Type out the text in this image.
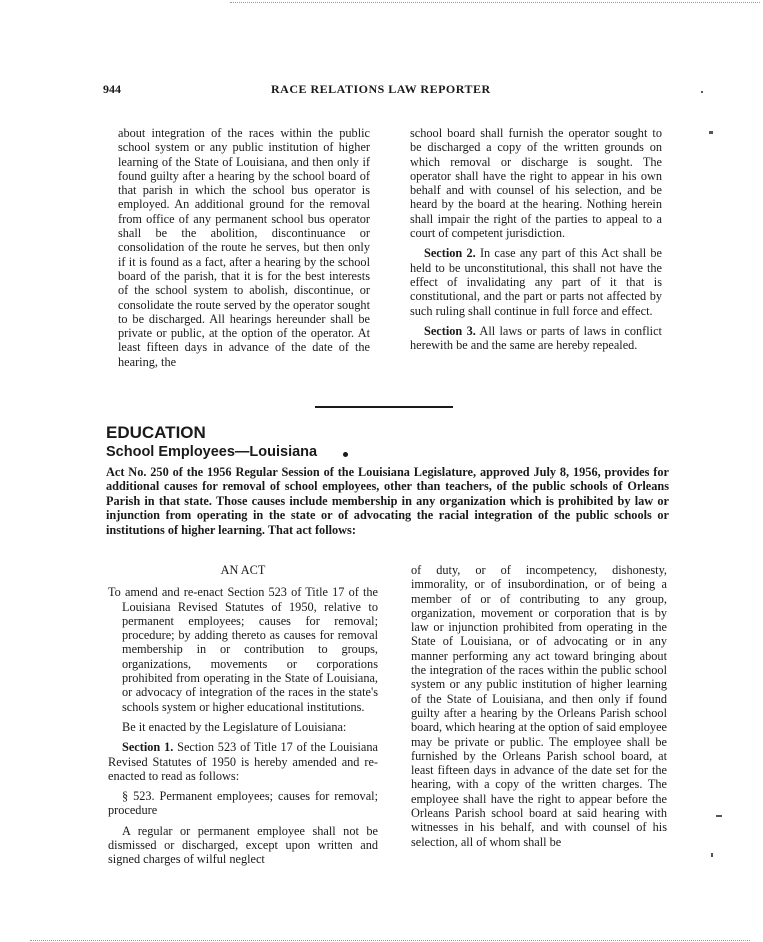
944	RACE RELATIONS LAW REPORTER

about integration of the races within the public school system or any public institution of higher learning of the State of Louisiana, and then only if found guilty after a hearing by the school board of that parish in which the school bus operator is employed. An additional ground for the removal from office of any permanent school bus operator shall be the abolition, discontinuance or consolidation of the route he serves, but then only if it is found as a fact, after a hearing by the school board of the parish, that it is for the best interests of the school system to abolish, discontinue, or consolidate the route served by the operator sought to be discharged. All hearings hereunder shall be private or public, at the option of the operator. At least fifteen days in advance of the date of the hearing, the

school board shall furnish the operator sought to be discharged a copy of the written grounds on which removal or discharge is sought. The operator shall have the right to appear in his own behalf and with counsel of his selection, and be heard by the board at the hearing. Nothing herein shall impair the right of the parties to appeal to a court of competent jurisdiction.

Section 2. In case any part of this Act shall be held to be unconstitutional, this shall not have the effect of invalidating any part of it that is constitutional, and the part or parts not affected by such ruling shall continue in full force and effect.

Section 3. All laws or parts of laws in conflict herewith be and the same are hereby repealed.

EDUCATION
School Employees—Louisiana
Act No. 250 of the 1956 Regular Session of the Louisiana Legislature, approved July 8, 1956, provides for additional causes for removal of school employees, other than teachers, of the public schools of Orleans Parish in that state. Those causes include membership in any organization which is prohibited by law or injunction from operating in the state or of advocating the racial integration of the public schools or institutions of higher learning. That act follows:

AN ACT

To amend and re-enact Section 523 of Title 17 of the Louisiana Revised Statutes of 1950, relative to permanent employees; causes for removal; procedure; by adding thereto as causes for removal membership in or contribution to groups, organizations, movements or corporations prohibited from operating in the State of Louisiana, or advocacy of integration of the races in the state's schools system or higher educational institutions.

Be it enacted by the Legislature of Louisiana:

Section 1. Section 523 of Title 17 of the Louisiana Revised Statutes of 1950 is hereby amended and re-enacted to read as follows:

§ 523. Permanent employees; causes for removal; procedure

A regular or permanent employee shall not be dismissed or discharged, except upon written and signed charges of wilful neglect

of duty, or of incompetency, dishonesty, immorality, or of insubordination, or of being a member of or of contributing to any group, organization, movement or corporation that is by law or injunction prohibited from operating in the State of Louisiana, or of advocating or in any manner performing any act toward bringing about the integration of the races within the public school system or any public institution of higher learning of the State of Louisiana, and then only if found guilty after a hearing by the Orleans Parish school board, which hearing at the option of said employee may be private or public. The employee shall be furnished by the Orleans Parish school board, at least fifteen days in advance of the date set for the hearing, with a copy of the written charges. The employee shall have the right to appear before the Orleans Parish school board at said hearing with witnesses in his behalf, and with counsel of his selection, all of whom shall be
